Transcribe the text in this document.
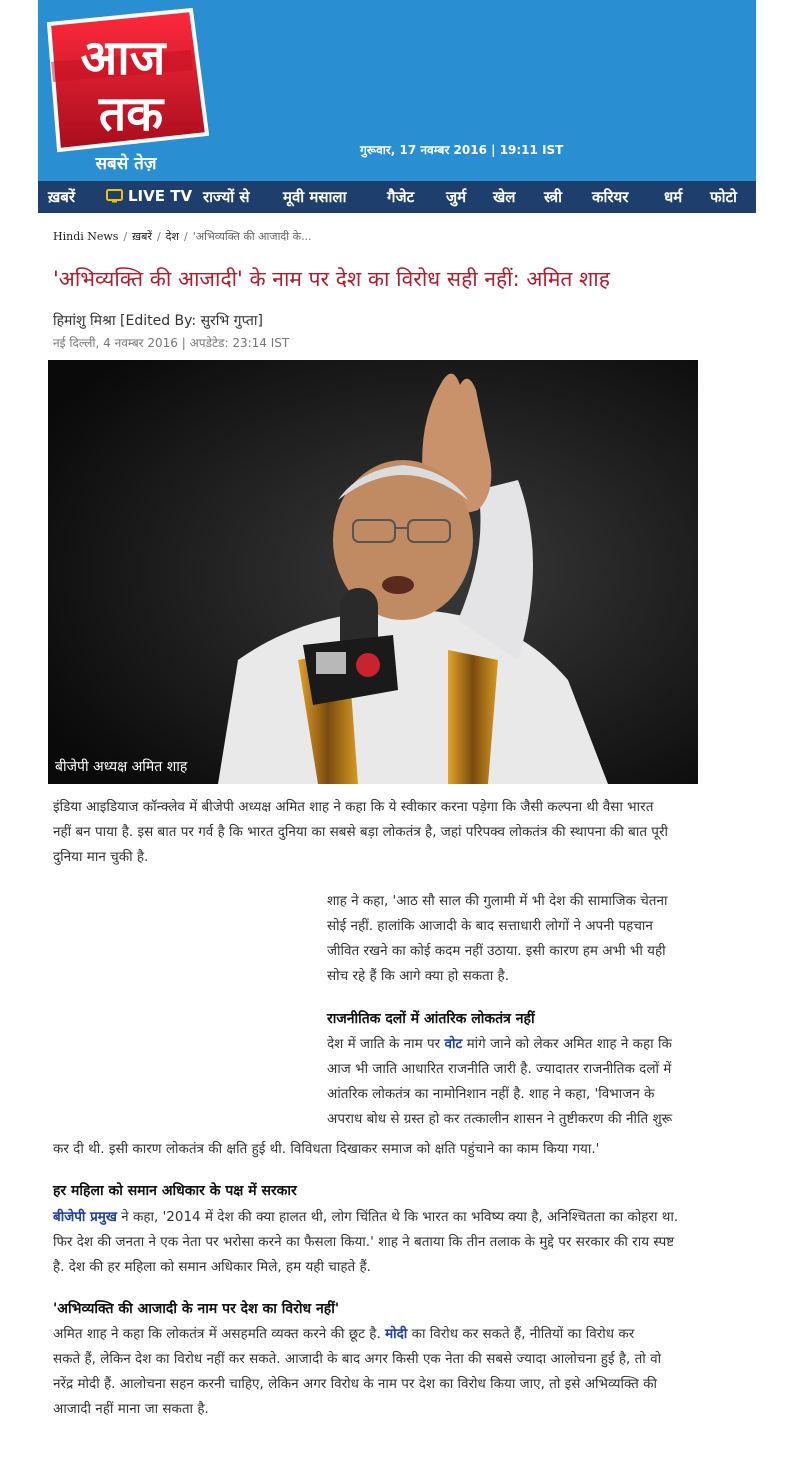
आज
तक
सबसे तेज़
गुरूवार, 17 नवम्बर 2016 | 19:11 IST
ख़बरें	LIVE TV राज्यों से मूवी मसाला	गैजेट जुर्म खेल स्त्री करियर धर्म फोटो
Hindi News / ख़बरें / देश / 'अभिव्यक्ति की आजादी के...
'अभिव्यक्ति की आजादी' के नाम पर देश का विरोध सही नहीं: अमित शाह
हिमांशु मिश्रा [Edited By: सुरभि गुप्ता]
नई दिल्ली, 4 नवम्बर 2016 | अपडेटेड: 23:14 IST
बीजेपी अध्यक्ष अमित शाह
इंडिया आइडियाज कॉन्क्लेव में बीजेपी अध्यक्ष अमित शाह ने कहा कि ये स्वीकार करना पड़ेगा कि जैसी कल्पना थी वैसा भारत
नहीं बन पाया है. इस बात पर गर्व है कि भारत दुनिया का सबसे बड़ा लोकतंत्र है, जहां परिपक्व लोकतंत्र की स्थापना की बात पूरी
दुनिया मान चुकी है.
शाह ने कहा, 'आठ सौ साल की गुलामी में भी देश की सामाजिक चेतना
सोई नहीं. हालांकि आजादी के बाद सत्ताधारी लोगों ने अपनी पहचान
जीवित रखने का कोई कदम नहीं उठाया. इसी कारण हम अभी भी यही
सोच रहे हैं कि आगे क्या हो सकता है.
राजनीतिक दलों में आंतरिक लोकतंत्र नहीं
देश में जाति के नाम पर वोट मांगे जाने को लेकर अमित शाह ने कहा कि
आज भी जाति आधारित राजनीति जारी है. ज्यादातर राजनीतिक दलों में
आंतरिक लोकतंत्र का नामोनिशान नहीं है. शाह ने कहा, 'विभाजन के
अपराध बोध से ग्रस्त हो कर तत्कालीन शासन ने तुष्टीकरण की नीति शुरू
कर दी थी. इसी कारण लोकतंत्र की क्षति हुई थी. विविधता दिखाकर समाज को क्षति पहुंचाने का काम किया गया.'
हर महिला को समान अधिकार के पक्ष में सरकार
बीजेपी प्रमुख ने कहा, '2014 में देश की क्या हालत थी, लोग चिंतित थे कि भारत का भविष्य क्या है, अनिश्चितता का कोहरा था.
फिर देश की जनता ने एक नेता पर भरोसा करने का फैसला किया.' शाह ने बताया कि तीन तलाक के मुद्दे पर सरकार की राय स्पष्ट
है. देश की हर महिला को समान अधिकार मिले, हम यही चाहते हैं.
'अभिव्यक्ति की आजादी के नाम पर देश का विरोध नहीं'
अमित शाह ने कहा कि लोकतंत्र में असहमति व्यक्त करने की छूट है. मोदी का विरोध कर सकते हैं, नीतियों का विरोध कर
सकते हैं, लेकिन देश का विरोध नहीं कर सकते. आजादी के बाद अगर किसी एक नेता की सबसे ज्यादा आलोचना हुई है, तो वो
नरेंद्र मोदी हैं. आलोचना सहन करनी चाहिए, लेकिन अगर विरोध के नाम पर देश का विरोध किया जाए, तो इसे अभिव्यक्ति की
आजादी नहीं माना जा सकता है.
